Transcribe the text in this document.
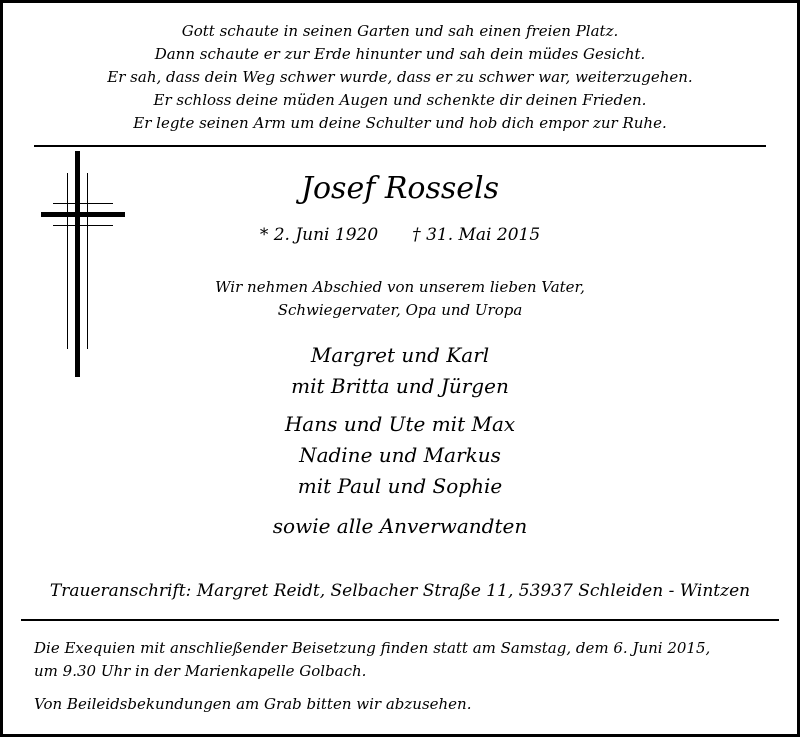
Gott schaute in seinen Garten und sah einen freien Platz.
Dann schaute er zur Erde hinunter und sah dein müdes Gesicht.
Er sah, dass dein Weg schwer wurde, dass er zu schwer war, weiterzugehen.
Er schloss deine müden Augen und schenkte dir deinen Frieden.
Er legte seinen Arm um deine Schulter und hob dich empor zur Ruhe.
Josef Rossels
* 2. Juni 1920 † 31. Mai 2015
Wir nehmen Abschied von unserem lieben Vater,
Schwiegervater, Opa und Uropa
Margret und Karl
mit Britta und Jürgen
Hans und Ute mit Max
Nadine und Markus
mit Paul und Sophie
sowie alle Anverwandten
Traueranschrift: Margret Reidt, Selbacher Straße 11, 53937 Schleiden - Wintzen
Die Exequien mit anschließender Beisetzung finden statt am Samstag, dem 6. Juni 2015,
um 9.30 Uhr in der Marienkapelle Golbach.
Von Beileidsbekundungen am Grab bitten wir abzusehen.
